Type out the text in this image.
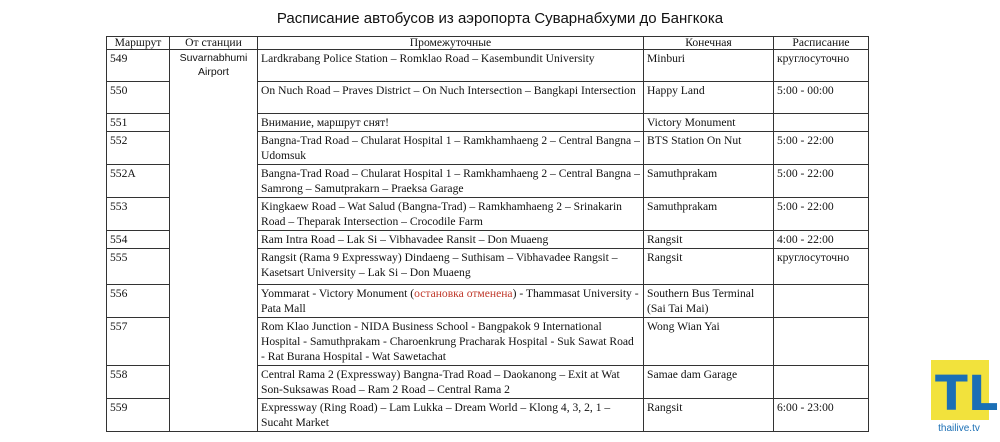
Расписание автобусов из аэропорта Суварнабхуми до Бангкока
Маршрут	От станции	Промежуточные	Конечная	Расписание
549	Suvarnabhumi Airport	Lardkrabang Police Station – Romklao Road – Kasembundit University	Minburi	круглосуточно
550		On Nuch Road – Praves District – On Nuch Intersection – Bangkapi Intersection	Happy Land	5:00 - 00:00
551		Внимание, маршрут снят!	Victory Monument	
552		Bangna-Trad Road – Chularat Hospital 1 – Ramkhamhaeng 2 – Central Bangna – Udomsuk	BTS Station On Nut	5:00 - 22:00
552A		Bangna-Trad Road – Chularat Hospital 1 – Ramkhamhaeng 2 – Central Bangna – Samrong – Samutprakarn – Praeksa Garage	Samuthprakam	5:00 - 22:00
553		Kingkaew Road – Wat Salud (Bangna-Trad) – Ramkhamhaeng 2 – Srinakarin Road – Theparak Intersection – Crocodile Farm	Samuthprakam	5:00 - 22:00
554		Ram Intra Road – Lak Si – Vibhavadee Ransit – Don Muaeng	Rangsit	4:00 - 22:00
555		Rangsit (Rama 9 Expressway) Dindaeng – Suthisam – Vibhavadee Rangsit – Kasetsart University – Lak Si – Don Muaeng	Rangsit	круглосуточно
556		Yommarat - Victory Monument (остановка отменена) - Thammasat University - Pata Mall	Southern Bus Terminal (Sai Tai Mai)	
557		Rom Klao Junction - NIDA Business School - Bangpakok 9 International Hospital - Samuthprakam - Charoenkrung Pracharak Hospital - Suk Sawat Road - Rat Burana Hospital - Wat Sawetachat	Wong Wian Yai	
558		Central Rama 2 (Expressway) Bangna-Trad Road – Daokanong – Exit at Wat Son-Suksawas Road – Ram 2 Road – Central Rama 2	Samae dam Garage	
559		Expressway (Ring Road) – Lam Lukka – Dream World – Klong 4, 3, 2, 1 – Sucaht Market	Rangsit	6:00 - 23:00 TL
thailive.tv
